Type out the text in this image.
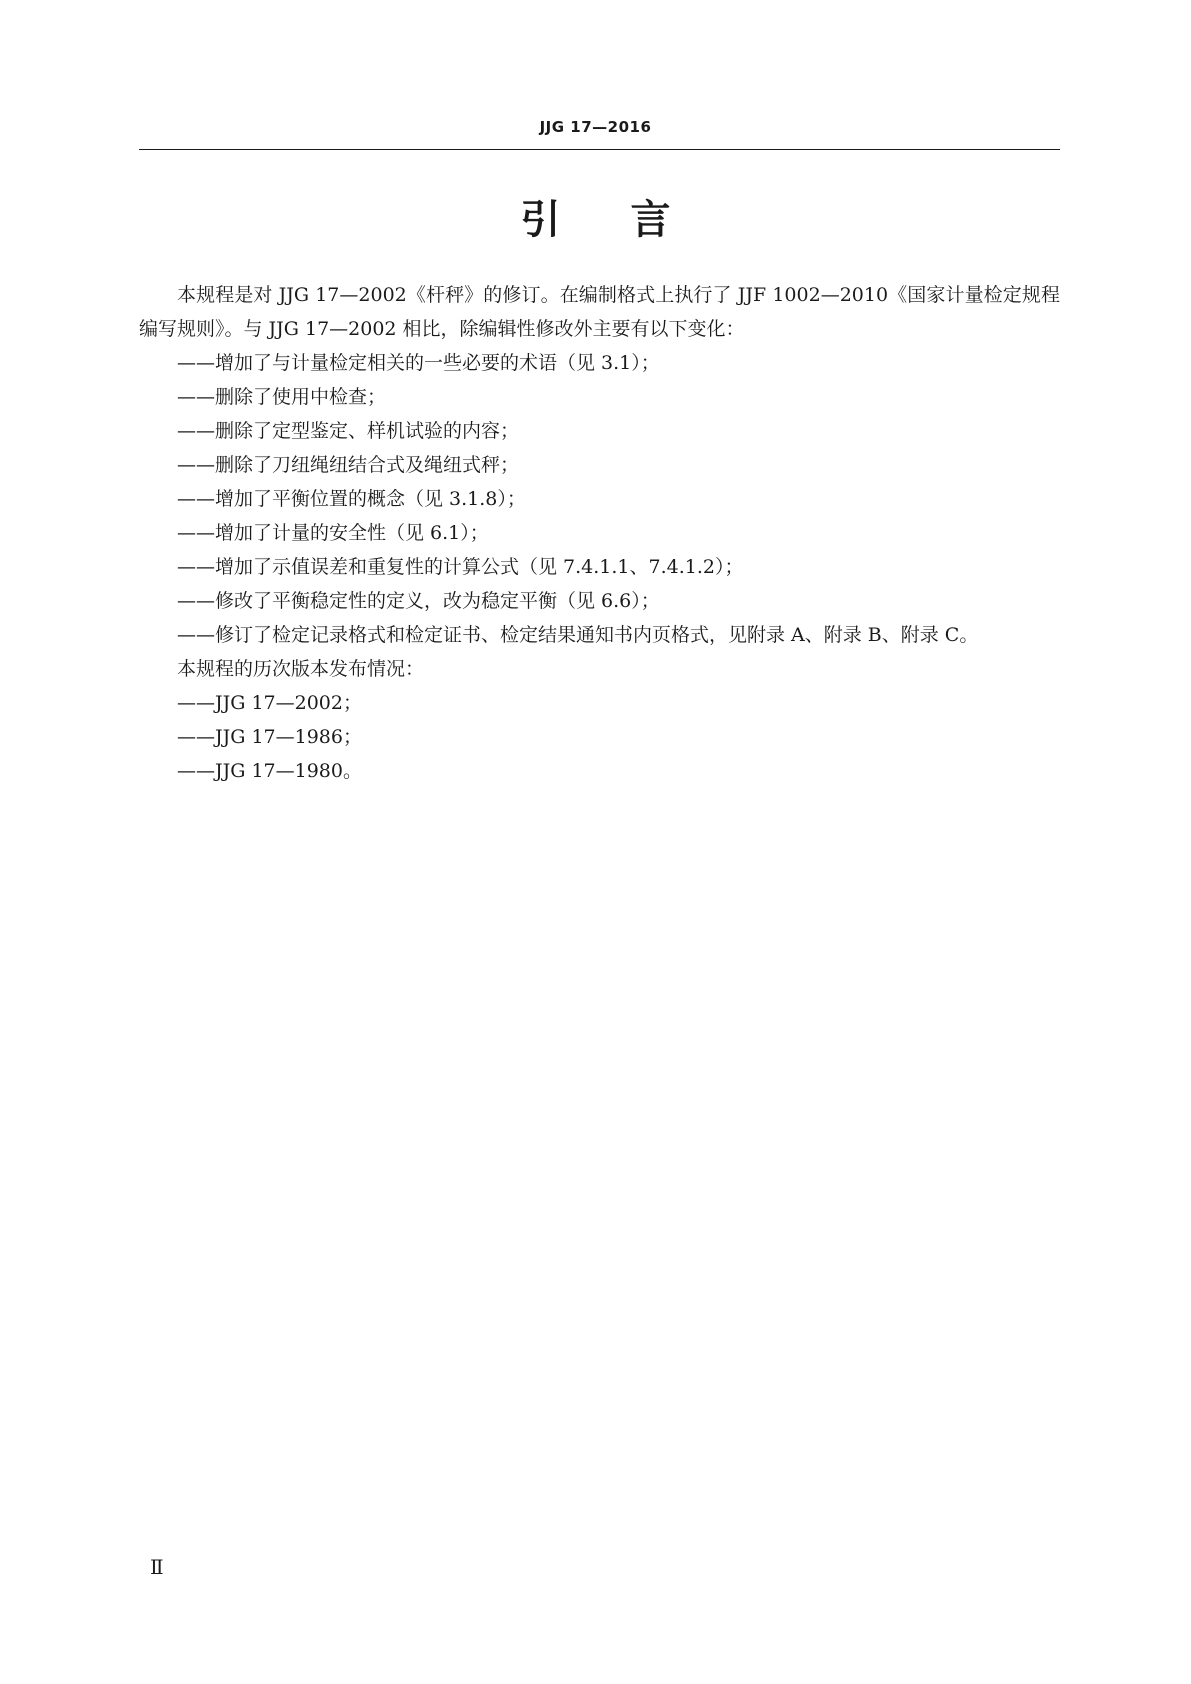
JJG 17—2016
引言

本规程是对 JJG 17—2002《杆秤》的修订。在编制格式上执行了 JJF 1002—2010《国家计量检定规程编写规则》。与 JJG 17—2002 相比，除编辑性修改外主要有以下变化：

——增加了与计量检定相关的一些必要的术语（见 3.1）；

——删除了使用中检查；

——删除了定型鉴定、样机试验的内容；

——删除了刀纽绳纽结合式及绳纽式秤；

——增加了平衡位置的概念（见 3.1.8）；

——增加了计量的安全性（见 6.1）；

——增加了示值误差和重复性的计算公式（见 7.4.1.1、7.4.1.2）；

——修改了平衡稳定性的定义，改为稳定平衡（见 6.6）；

——修订了检定记录格式和检定证书、检定结果通知书内页格式，见附录 A、附录 B、附录 C。

本规程的历次版本发布情况：

——JJG 17—2002；

——JJG 17—1986；

——JJG 17—1980。

Ⅱ
